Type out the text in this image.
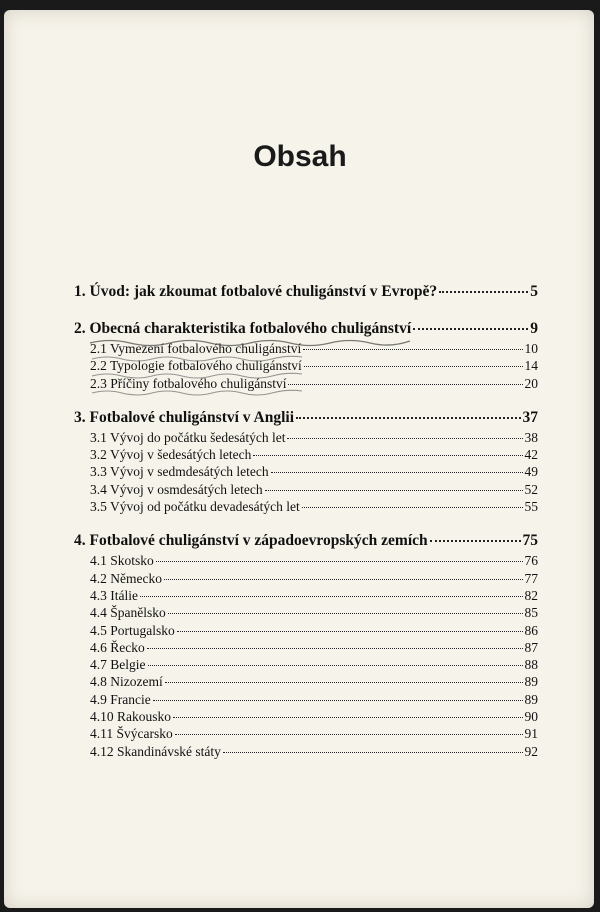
Obsah
1. Úvod: jak zkoumat fotbalové chuligánství v Evropě?	5
2. Obecná charakteristika fotbalového chuligánství	9
2.1 Vymezení fotbalového chuligánství	10
2.2 Typologie fotbalového chuligánství	14
2.3 Příčiny fotbalového chuligánství	20
3. Fotbalové chuligánství v Anglii	37
3.1 Vývoj do počátku šedesátých let	38
3.2 Vývoj v šedesátých letech	42
3.3 Vývoj v sedmdesátých letech	49
3.4 Vývoj v osmdesátých letech	52
3.5 Vývoj od počátku devadesátých let	55
4. Fotbalové chuligánství v západoevropských zemích	75
4.1 Skotsko	76
4.2 Německo	77
4.3 Itálie	82
4.4 Španělsko	85
4.5 Portugalsko	86
4.6 Řecko	87
4.7 Belgie	88
4.8 Nizozemí	89
4.9 Francie	89
4.10 Rakousko	90
4.11 Švýcarsko	91
4.12 Skandinávské státy	92
